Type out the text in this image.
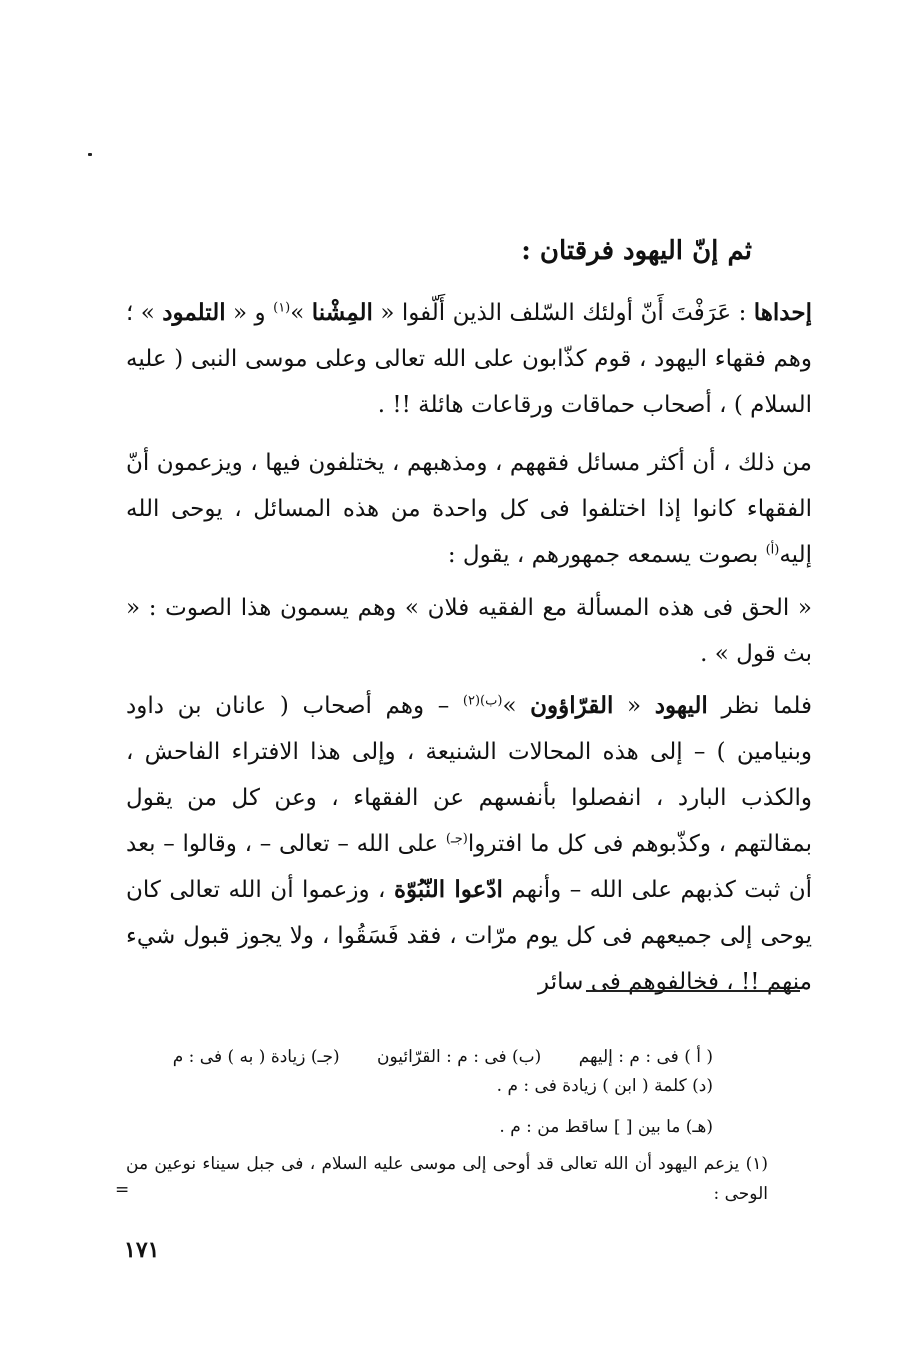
ثم إنّ اليهود فرقتان :

إحداها : عَرَفْتَ أَنّ أولئك السّلف الذين أَلّفوا « المِشْنا »$^{(١)}$ و « التلمود » ؛ وهم فقهاء اليهود ، قوم كذّابون على الله تعالى وعلى موسى النبى ( عليه السلام ) ، أصحاب حماقات ورقاعات هائلة !! .

من ذلك ، أن أكثر مسائل فقههم ، ومذهبهم ، يختلفون فيها ، ويزعمون أنّ الفقهاء كانوا إذا اختلفوا فى كل واحدة من هذه المسائل ، يوحى الله إليه$^{(أ)}$ بصوت يسمعه جمهورهم ، يقول :

« الحق فى هذه المسألة مع الفقيه فلان » وهم يسمون هذا الصوت : « بث قول » .

فلما نظر اليهود « القرّاؤون »$^{(ب)(٢)}$ – وهم أصحاب ( عانان بن داود وبنيامين ) – إلى هذه المحالات الشنيعة ، وإلى هذا الافتراء الفاحش ، والكذب البارد ، انفصلوا بأنفسهم عن الفقهاء ، وعن كل من يقول بمقالتهم ، وكذّبوهم فى كل ما افتروا$^{(جـ)}$ على الله – تعالى – ، وقالوا – بعد أن ثبت كذبهم على الله – وأنهم ادّعوا النّبُوّة ، وزعموا أن الله تعالى كان يوحى إلى جميعهم فى كل يوم مرّات ، فقد فَسَقُوا ، ولا يجوز قبول شيء منهم !! ، فخالفوهم فى سائر

( أ ) فى : م : إليهم (ب) فى : م : القرّائيون (جـ) زيادة ( به ) فى : م
(د) كلمة ( ابن ) زيادة فى : م .
(هـ) ما بين [ ] ساقط من : م .
(١) يزعم اليهود أن الله تعالى قد أوحى إلى موسى عليه السلام ، فى جبل سيناء نوعين من الوحى :
=
١٧١
